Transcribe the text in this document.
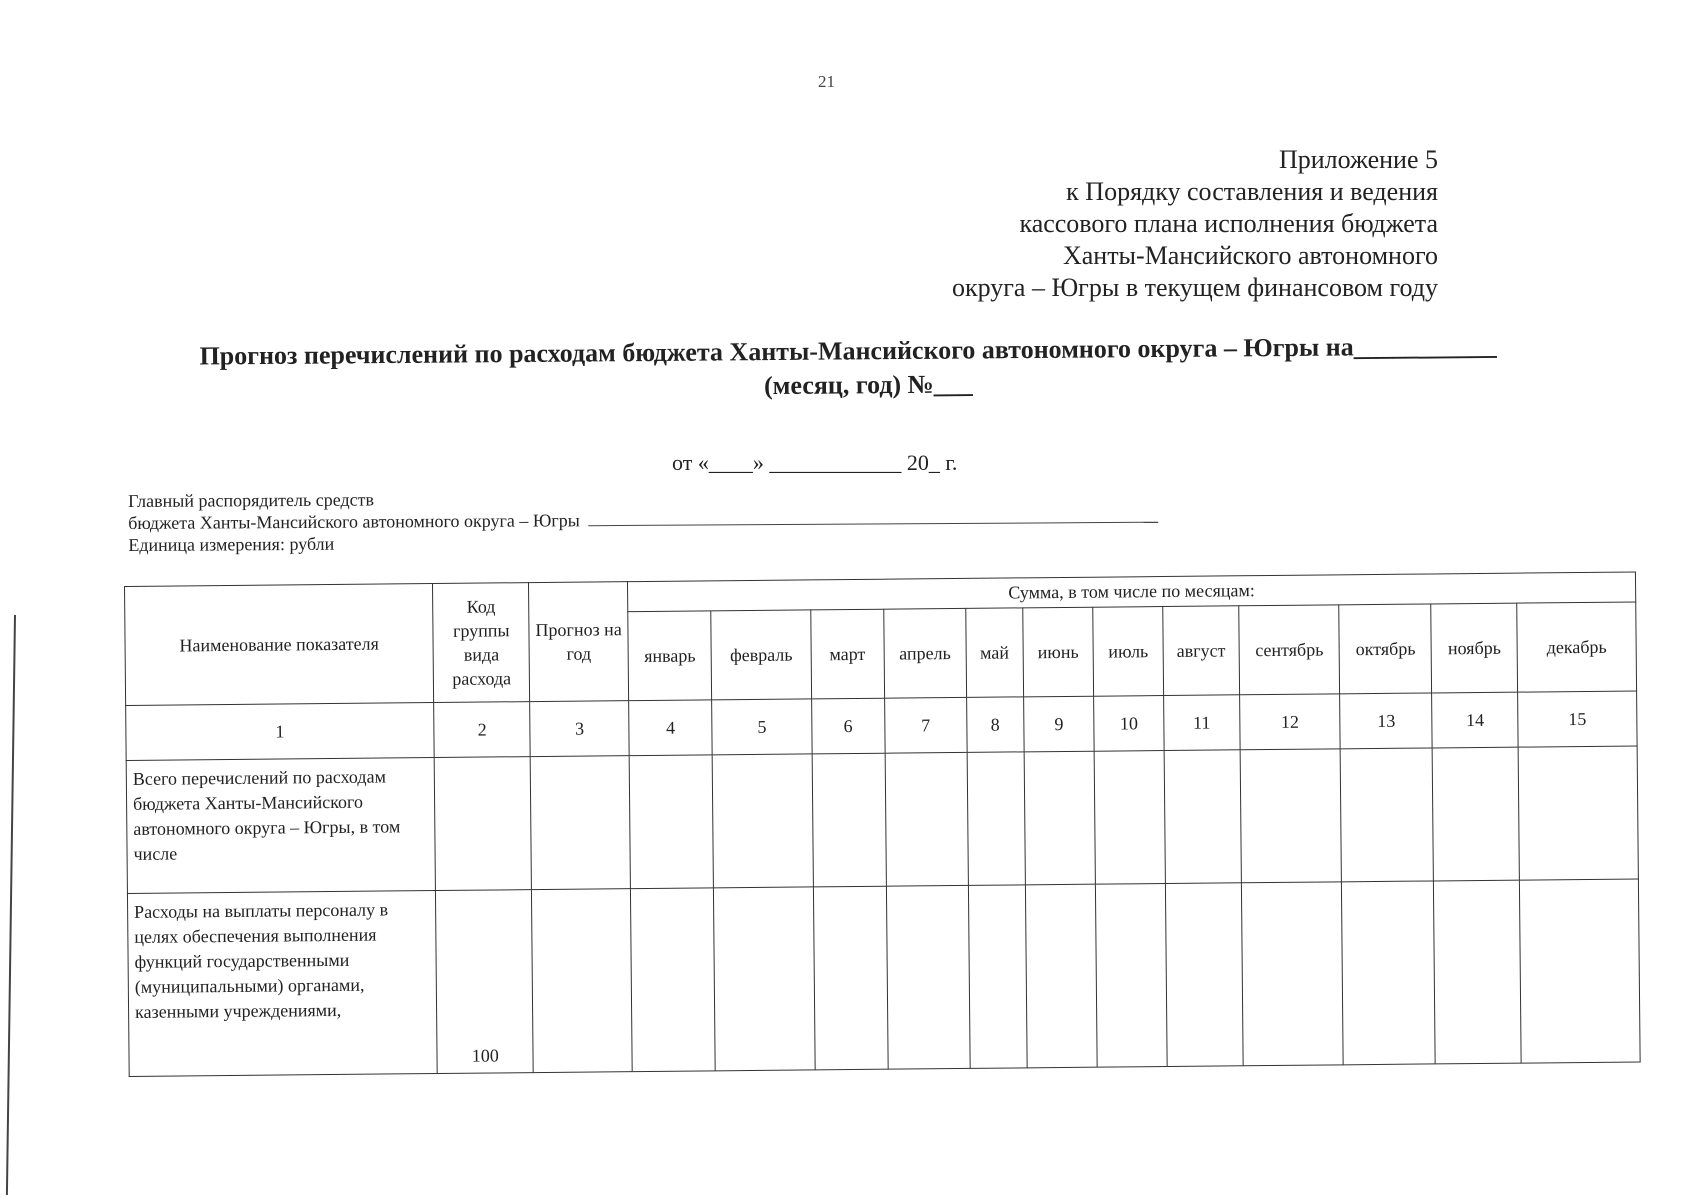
21
Приложение 5
к Порядку составления и ведения
кассового плана исполнения бюджета
Ханты-Мансийского автономного
округа – Югры в текущем финансовом году
Прогноз перечислений по расходам бюджета Ханты-Мансийского автономного округа – Югры на___________

(месяц, год) №___
от «____» ____________ 20_ г.
Главный распорядитель средств
бюджета Ханты-Мансийского автономного округа – Югры
Единица измерения: рубли
Наименование показателя	Код группы вида расхода	Прогноз на год	Сумма, в том числе по месяцам:											
			январь	февраль	март	апрель	май	июнь	июль	август	сентябрь	октябрь	ноябрь	декабрь
1	2	3	4	5	6	7	8	9	10	11	12	13	14	15
Всего перечислений по расходам бюджета Ханты-Мансийского автономного округа – Югры, в том числе														
Расходы на выплаты персоналу в целях обеспечения выполнения функций государственными (муниципальными) органами, казенными учреждениями,	100													
